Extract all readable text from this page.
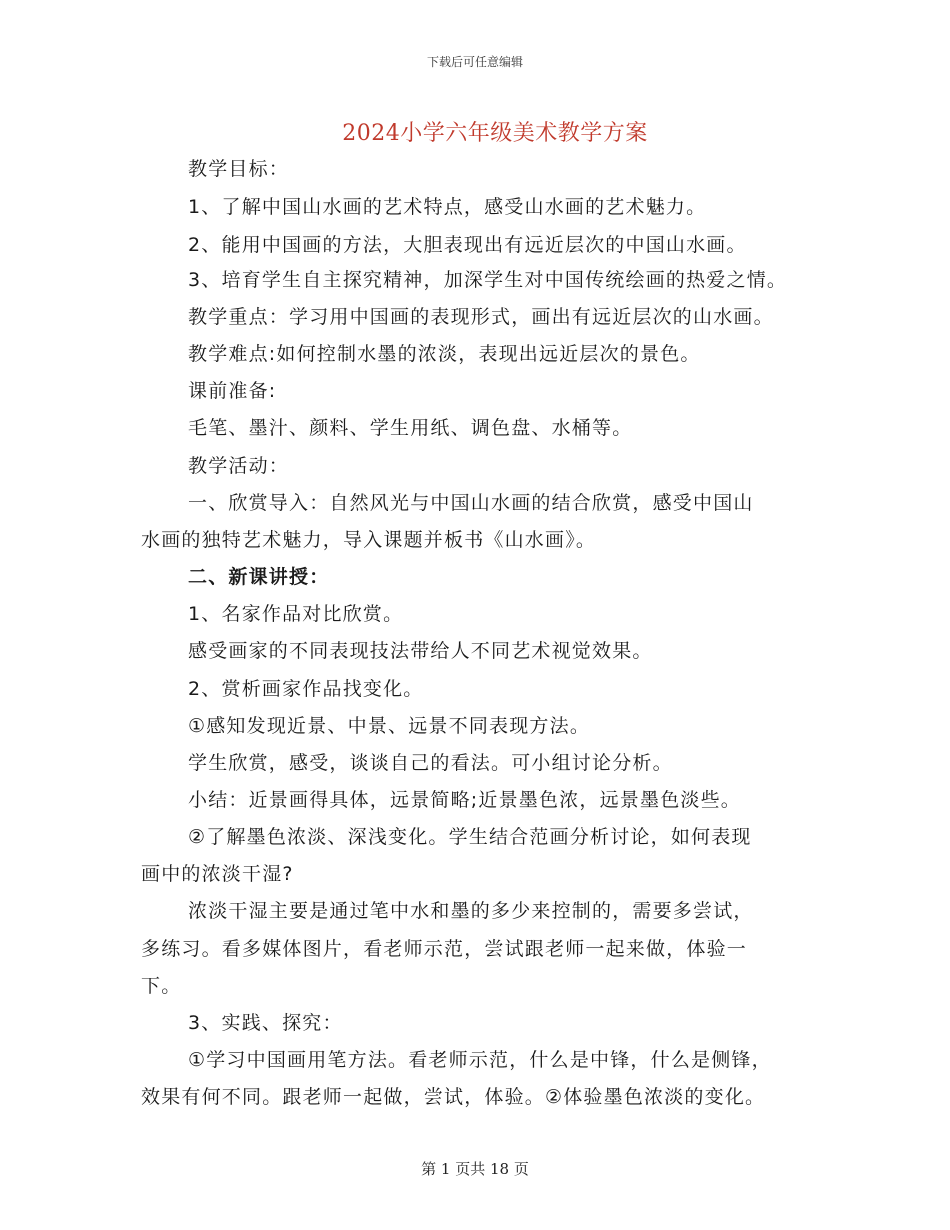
下载后可任意编辑
2024小学六年级美术教学方案
教学目标：
1、了解中国山水画的艺术特点，感受山水画的艺术魅力。
2、能用中国画的方法，大胆表现出有远近层次的中国山水画。
3、培育学生自主探究精神，加深学生对中国传统绘画的热爱之情。
教学重点：学习用中国画的表现形式，画出有远近层次的山水画。
教学难点:如何控制水墨的浓淡，表现出远近层次的景色。
课前准备:
毛笔、墨汁、颜料、学生用纸、调色盘、水桶等。
教学活动：
一、欣赏导入：自然风光与中国山水画的结合欣赏，感受中国山
水画的独特艺术魅力，导入课题并板书《山水画》。
二、新课讲授：
1、名家作品对比欣赏。
感受画家的不同表现技法带给人不同艺术视觉效果。
2、赏析画家作品找变化。
①感知发现近景、中景、远景不同表现方法。
学生欣赏，感受，谈谈自己的看法。可小组讨论分析。
小结：近景画得具体，远景简略;近景墨色浓，远景墨色淡些。
②了解墨色浓淡、深浅变化。学生结合范画分析讨论，如何表现
画中的浓淡干湿?
浓淡干湿主要是通过笔中水和墨的多少来控制的，需要多尝试，
多练习。看多媒体图片，看老师示范，尝试跟老师一起来做，体验一
下。
3、实践、探究：
①学习中国画用笔方法。看老师示范，什么是中锋，什么是侧锋，
效果有何不同。跟老师一起做，尝试，体验。②体验墨色浓淡的变化。
第 1 页共 18 页
